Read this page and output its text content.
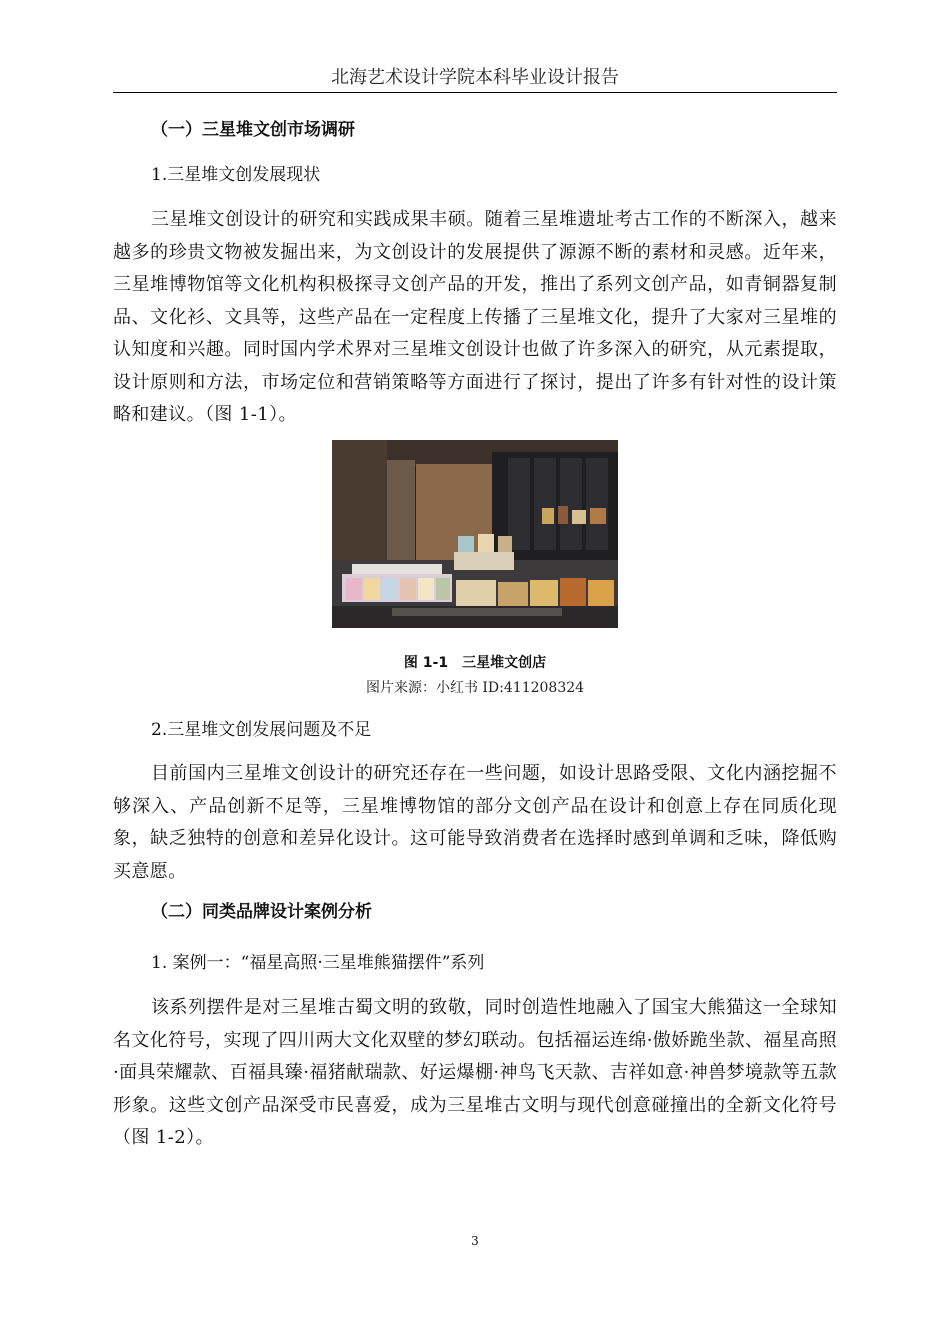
北海艺术设计学院本科毕业设计报告
（一）三星堆文创市场调研
1.三星堆文创发展现状
三星堆文创设计的研究和实践成果丰硕。随着三星堆遗址考古工作的不断深入，越来越多的珍贵文物被发掘出来，为文创设计的发展提供了源源不断的素材和灵感。近年来，三星堆博物馆等文化机构积极探寻文创产品的开发，推出了系列文创产品，如青铜器复制品、文化衫、文具等，这些产品在一定程度上传播了三星堆文化，提升了大家对三星堆的认知度和兴趣。同时国内学术界对三星堆文创设计也做了许多深入的研究，从元素提取，设计原则和方法，市场定位和营销策略等方面进行了探讨，提出了许多有针对性的设计策略和建议。（图 1-1）。
图 1-1　三星堆文创店
图片来源：小红书 ID:411208324
2.三星堆文创发展问题及不足
目前国内三星堆文创设计的研究还存在一些问题，如设计思路受限、文化内涵挖掘不够深入、产品创新不足等，三星堆博物馆的部分文创产品在设计和创意上存在同质化现象，缺乏独特的创意和差异化设计。这可能导致消费者在选择时感到单调和乏味，降低购买意愿。
（二）同类品牌设计案例分析
1. 案例一：“福星高照·三星堆熊猫摆件”系列
该系列摆件是对三星堆古蜀文明的致敬，同时创造性地融入了国宝大熊猫这一全球知名文化符号，实现了四川两大文化双壁的梦幻联动。包括福运连绵·傲娇跪坐款、福星高照·面具荣耀款、百福具臻·福猪献瑞款、好运爆棚·神鸟飞天款、吉祥如意·神兽梦境款等五款形象。这些文创产品深受市民喜爱，成为三星堆古文明与现代创意碰撞出的全新文化符号（图 1-2）。
3
